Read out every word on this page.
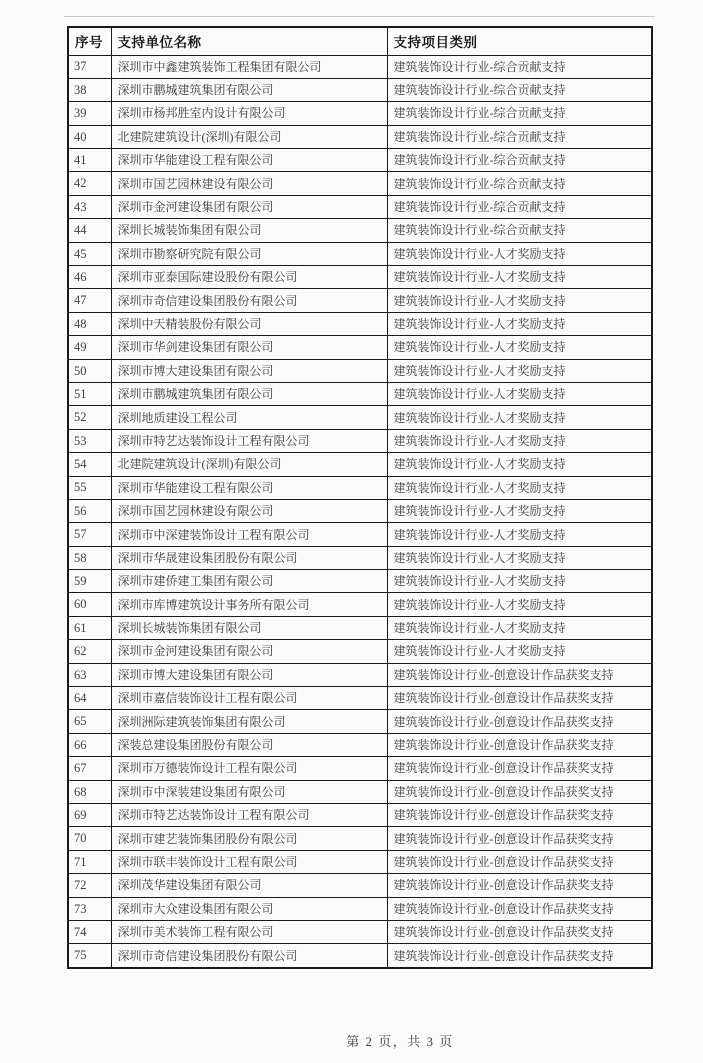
序号	支持单位名称	支持项目类别
37	深圳市中鑫建筑装饰工程集团有限公司	建筑装饰设计行业-综合贡献支持
38	深圳市鹏城建筑集团有限公司	建筑装饰设计行业-综合贡献支持
39	深圳市杨邦胜室内设计有限公司	建筑装饰设计行业-综合贡献支持
40	北建院建筑设计(深圳)有限公司	建筑装饰设计行业-综合贡献支持
41	深圳市华能建设工程有限公司	建筑装饰设计行业-综合贡献支持
42	深圳市国艺园林建设有限公司	建筑装饰设计行业-综合贡献支持
43	深圳市金河建设集团有限公司	建筑装饰设计行业-综合贡献支持
44	深圳长城装饰集团有限公司	建筑装饰设计行业-综合贡献支持
45	深圳市勘察研究院有限公司	建筑装饰设计行业-人才奖励支持
46	深圳市亚泰国际建设股份有限公司	建筑装饰设计行业-人才奖励支持
47	深圳市奇信建设集团股份有限公司	建筑装饰设计行业-人才奖励支持
48	深圳中天精装股份有限公司	建筑装饰设计行业-人才奖励支持
49	深圳市华剑建设集团有限公司	建筑装饰设计行业-人才奖励支持
50	深圳市博大建设集团有限公司	建筑装饰设计行业-人才奖励支持
51	深圳市鹏城建筑集团有限公司	建筑装饰设计行业-人才奖励支持
52	深圳地质建设工程公司	建筑装饰设计行业-人才奖励支持
53	深圳市特艺达装饰设计工程有限公司	建筑装饰设计行业-人才奖励支持
54	北建院建筑设计(深圳)有限公司	建筑装饰设计行业-人才奖励支持
55	深圳市华能建设工程有限公司	建筑装饰设计行业-人才奖励支持
56	深圳市国艺园林建设有限公司	建筑装饰设计行业-人才奖励支持
57	深圳市中深建装饰设计工程有限公司	建筑装饰设计行业-人才奖励支持
58	深圳市华晟建设集团股份有限公司	建筑装饰设计行业-人才奖励支持
59	深圳市建侨建工集团有限公司	建筑装饰设计行业-人才奖励支持
60	深圳市库博建筑设计事务所有限公司	建筑装饰设计行业-人才奖励支持
61	深圳长城装饰集团有限公司	建筑装饰设计行业-人才奖励支持
62	深圳市金河建设集团有限公司	建筑装饰设计行业-人才奖励支持
63	深圳市博大建设集团有限公司	建筑装饰设计行业-创意设计作品获奖支持
64	深圳市嘉信装饰设计工程有限公司	建筑装饰设计行业-创意设计作品获奖支持
65	深圳洲际建筑装饰集团有限公司	建筑装饰设计行业-创意设计作品获奖支持
66	深装总建设集团股份有限公司	建筑装饰设计行业-创意设计作品获奖支持
67	深圳市万德装饰设计工程有限公司	建筑装饰设计行业-创意设计作品获奖支持
68	深圳市中深装建设集团有限公司	建筑装饰设计行业-创意设计作品获奖支持
69	深圳市特艺达装饰设计工程有限公司	建筑装饰设计行业-创意设计作品获奖支持
70	深圳市建艺装饰集团股份有限公司	建筑装饰设计行业-创意设计作品获奖支持
71	深圳市联丰装饰设计工程有限公司	建筑装饰设计行业-创意设计作品获奖支持
72	深圳茂华建设集团有限公司	建筑装饰设计行业-创意设计作品获奖支持
73	深圳市大众建设集团有限公司	建筑装饰设计行业-创意设计作品获奖支持
74	深圳市美术装饰工程有限公司	建筑装饰设计行业-创意设计作品获奖支持
75	深圳市奇信建设集团股份有限公司	建筑装饰设计行业-创意设计作品获奖支持
第 2 页，共 3 页
